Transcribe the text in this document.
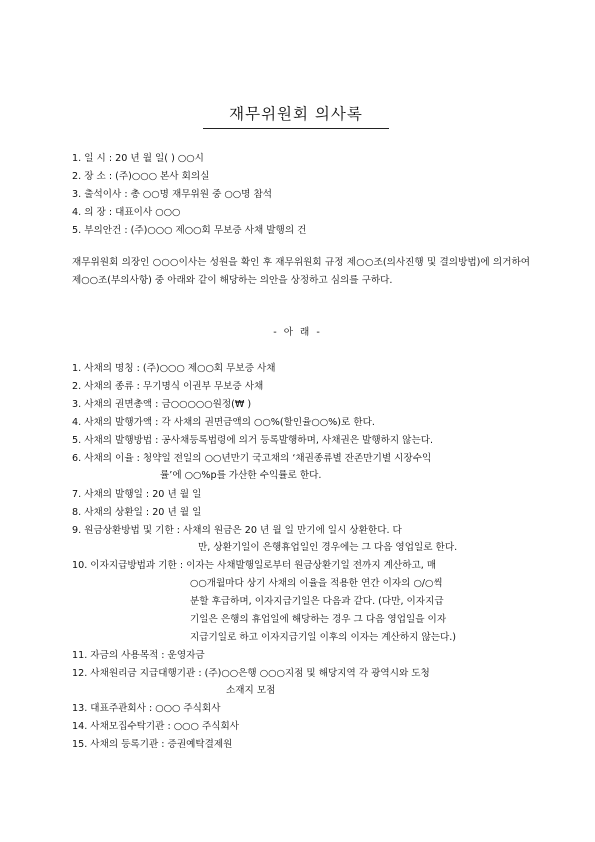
재무위원회 의사록
1. 일 시 : 20 년 월 일( ) ○○시
2. 장 소 : (주)○○○ 본사 회의실
3. 출석이사 : 총 ○○명 재무위원 중 ○○명 참석
4. 의 장 : 대표이사 ○○○
5. 부의안건 : (주)○○○ 제○○회 무보증 사채 발행의 건

재무위원회 의장인 ○○○이사는 성원을 확인 후 재무위원회 규정 제○○조(의사진행 및 결의방법)에 의거하여 제○○조(부의사항) 중 아래와 같이 해당하는 의안을 상정하고 심의를 구하다.

- 아 래 -
1. 사채의 명칭 : (주)○○○ 제○○회 무보증 사채
2. 사채의 종류 : 무기명식 이권부 무보증 사채
3. 사채의 권면총액 : 금○○○○○원정(₩ )
4. 사채의 발행가액 : 각 사채의 권면금액의 ○○%(할인율○○%)로 한다.
5. 사채의 발행방법 : 공사채등록법령에 의거 등록발행하며, 사채권은 발행하지 않는다.
6. 사채의 이율 : 청약일 전일의 ○○년만기 국고채의 ‘채권종류별 잔존만기별 시장수익
률’에 ○○%p를 가산한 수익률로 한다.
7. 사채의 발행일 : 20 년 월 일
8. 사채의 상환일 : 20 년 월 일
9. 원금상환방법 및 기한 : 사채의 원금은 20 년 월 일 만기에 일시 상환한다. 다
만, 상환기일이 은행휴업일인 경우에는 그 다음 영업일로 한다.
10. 이자지급방법과 기한 : 이자는 사채발행일로부터 원금상환기일 전까지 계산하고, 매
○○개월마다 상기 사채의 이율을 적용한 연간 이자의 ○/○씩
분할 후급하며, 이자지급기일은 다음과 같다. (다만, 이자지급
기일은 은행의 휴업일에 해당하는 경우 그 다음 영업일을 이자
지급기일로 하고 이자지급기일 이후의 이자는 계산하지 않는다.)
11. 자금의 사용목적 : 운영자금
12. 사채원리금 지급대행기관 : (주)○○은행 ○○○지점 및 해당지역 각 광역시와 도청
소재지 모점
13. 대표주관회사 : ○○○ 주식회사
14. 사채모집수탁기관 : ○○○ 주식회사
15. 사채의 등록기관 : 증권예탁결제원
